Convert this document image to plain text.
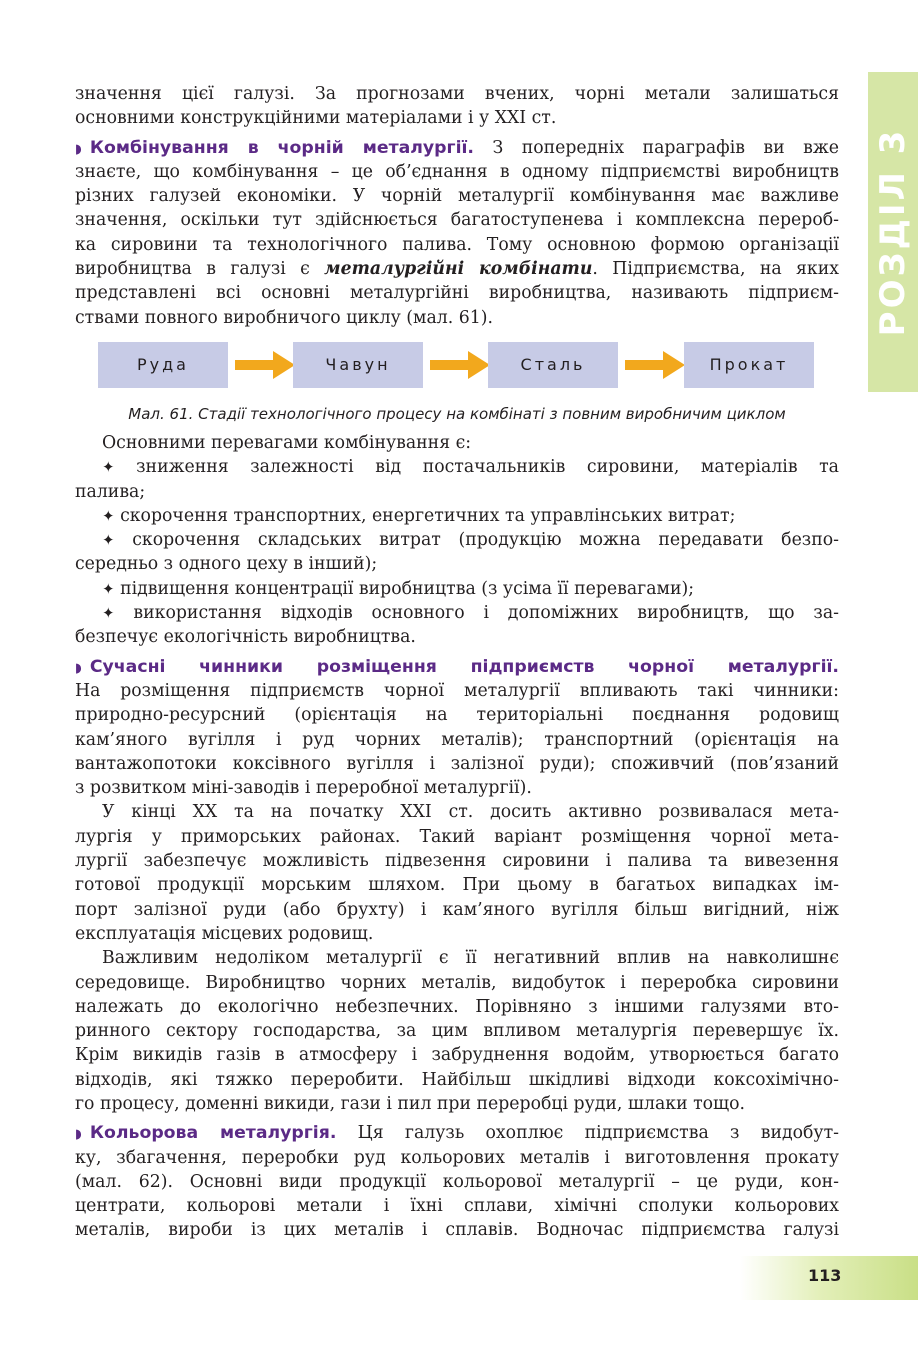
РОЗДІЛ 3
значення цієї галузі. За прогнозами вчених, чорні метали залишаться
основними конструкційними матеріалами і у XXI ст.
◗ Комбінування в чорній металургії. З попередніх параграфів ви вже
знаєте, що комбінування – це об’єднання в одному підприємстві виробництв
різних галузей економіки. У чорній металургії комбінування має важливе
значення, оскільки тут здійснюється багатоступенева і комплексна перероб-
ка сировини та технологічного палива. Тому основною формою організації
виробництва в галузі є металургійні комбінати. Підприємства, на яких
представлені всі основні металургійні виробництва, називають підприєм-
ствами повного виробничого циклу (мал. 61).
Руда	Чавун	Сталь	Прокат
Мал. 61. Стадії технологічного процесу на комбінаті з повним виробничим циклом
Основними перевагами комбінування є:
✦ зниження залежності від постачальників сировини, матеріалів та
палива;
✦ скорочення транспортних, енергетичних та управлінських витрат;
✦ скорочення складських витрат (продукцію можна передавати безпо-
середньо з одного цеху в інший);
✦ підвищення концентрації виробництва (з усіма її перевагами);
✦ використання відходів основного і допоміжних виробництв, що за-
безпечує екологічність виробництва.
◗ Сучасні чинники розміщення підприємств чорної металургії.
На розміщення підприємств чорної металургії впливають такі чинники:
природно-ресурсний (орієнтація на територіальні поєднання родовищ
кам’яного вугілля і руд чорних металів); транспортний (орієнтація на
вантажопотоки коксівного вугілля і залізної руди); споживчий (пов’язаний
з розвитком міні-заводів і переробної металургії).
У кінці XX та на початку XXI ст. досить активно розвивалася мета-
лургія у приморських районах. Такий варіант розміщення чорної мета-
лургії забезпечує можливість підвезення сировини і палива та вивезення
готової продукції морським шляхом. При цьому в багатьох випадках ім-
порт залізної руди (або брухту) і кам’яного вугілля більш вигідний, ніж
експлуатація місцевих родовищ.
Важливим недоліком металургії є її негативний вплив на навколишнє
середовище. Виробництво чорних металів, видобуток і переробка сировини
належать до екологічно небезпечних. Порівняно з іншими галузями вто-
ринного сектору господарства, за цим впливом металургія перевершує їх.
Крім викидів газів в атмосферу і забруднення водойм, утворюється багато
відходів, які тяжко переробити. Найбільш шкідливі відходи коксохімічно-
го процесу, доменні викиди, гази і пил при переробці руди, шлаки тощо.
◗ Кольорова металургія. Ця галузь охоплює підприємства з видобут-
ку, збагачення, переробки руд кольорових металів і виготовлення прокату
(мал. 62). Основні види продукції кольорової металургії – це руди, кон-
центрати, кольорові метали і їхні сплави, хімічні сполуки кольорових
металів, вироби із цих металів і сплавів. Водночас підприємства галузі
113
